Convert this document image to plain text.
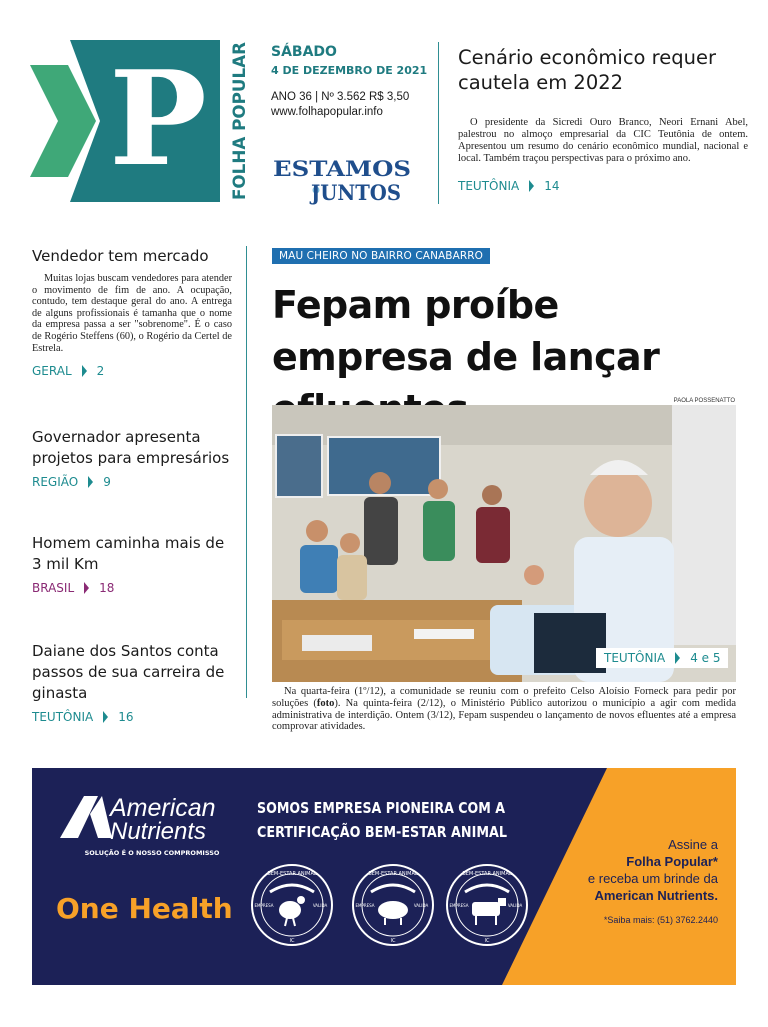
P FOLHA POPULAR SÁBADO
4 DE DEZEMBRO DE 2021
ANO 36 | Nº 3.562 R$ 3,50
www.folhapopular.info
ESTAMOS
JUNTOS
Cenário econômico requer cautela em 2022
O presidente da Sicredi Ouro Branco, Neori Ernani Abel, palestrou no almoço empresarial da CIC Teutônia de ontem. Apresentou um resumo do cenário econômico mundial, nacional e local. Também traçou perspectivas para o próximo ano.
TEUTÔNIA 14
Vendedor tem mercado
Muitas lojas buscam vendedores para atender o movimento de fim de ano. A ocupação, contudo, tem destaque geral do ano. A entrega de alguns profissionais é tamanha que o nome da empresa passa a ser "sobrenome". É o caso de Rogério Steffens (60), o Rogério da Certel de Estrela.
GERAL 2
Governador apresenta projetos para empresários
REGIÃO 9
Homem caminha mais de 3 mil Km
BRASIL 18
Daiane dos Santos conta passos de sua carreira de ginasta
TEUTÔNIA 16
MAU CHEIRO NO BAIRRO CANABARRO
Fepam proíbe empresa de lançar
PAOLA POSSENATTO
TEUTÔNIA 4 e 5
Na quarta-feira (1º/12), a comunidade se reuniu com o prefeito Celso Aloísio Forneck para pedir por soluções (foto). Na quinta-feira (2/12), o Ministério Público autorizou o município a agir com medida administrativa de interdição. Ontem (3/12), Fepam suspendeu o lançamento de novos efluentes até a empresa comprovar atividades.
American
Nutrients
SOLUÇÃO É O NOSSO COMPROMISSO
One Health
SOMOS EMPRESA PIONEIRA COM A
CERTIFICAÇÃO BEM-ESTAR ANIMAL
BEM-ESTAR ANIMAL
EMPRESA	VALIDA
IC
BEM-ESTAR ANIMAL
EMPRESA	VALIDA
IC
BEM-ESTAR ANIMAL
EMPRESA	VALIDA
IC
Assine a
Folha Popular*
e receba um brinde da
American Nutrients.
*Saiba mais: (51) 3762.2440
